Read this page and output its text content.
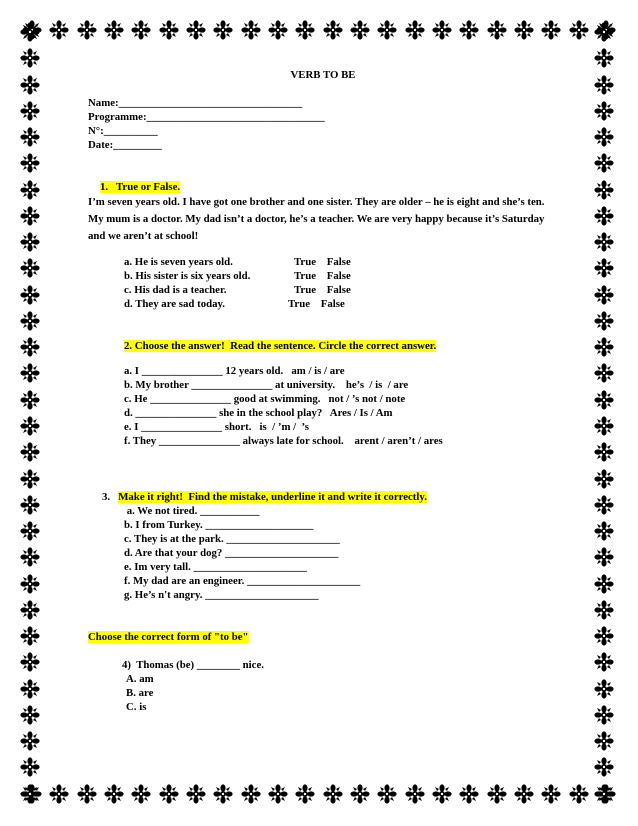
VERB TO BE
Name:__________________________________
Programme:_________________________________
N°:__________
Date:_________
1.   True or False.
I’m seven years old. I have got one brother and one sister. They are older – he is eight and she’s ten. My mum is a doctor. My dad isn’t a doctor, he’s a teacher. We are very happy because it’s Saturday and we aren’t at school!
a. He is seven years old.	True    False
b. His sister is six years old.	True    False
c. His dad is a teacher.	True    False
d. They are sad today.	True    False
2. Choose the answer!  Read the sentence. Circle the correct answer.
a. I _______________ 12 years old.   am / is / are
b. My brother _______________ at university.    he’s  / is  / are
c. He _______________ good at swimming.   not / ’s not / note
d. _______________ she in the school play?   Ares / Is / Am
e. I _______________ short.   is  / ’m /  ’s
f. They _______________ always late for school.    arent / aren’t / ares
3. Make it right!  Find the mistake, underline it and write it correctly.
a. We not tired. ___________
b. I from Turkey. ____________________
c. They is at the park. _____________________
d. Are that your dog? _____________________
e. Im very tall. _____________________
f. My dad are an engineer. _____________________
g. He’s n't angry. _____________________
Choose the correct form of "to be"
4)  Thomas (be) ________ nice.
A. am
B. are
C. is
